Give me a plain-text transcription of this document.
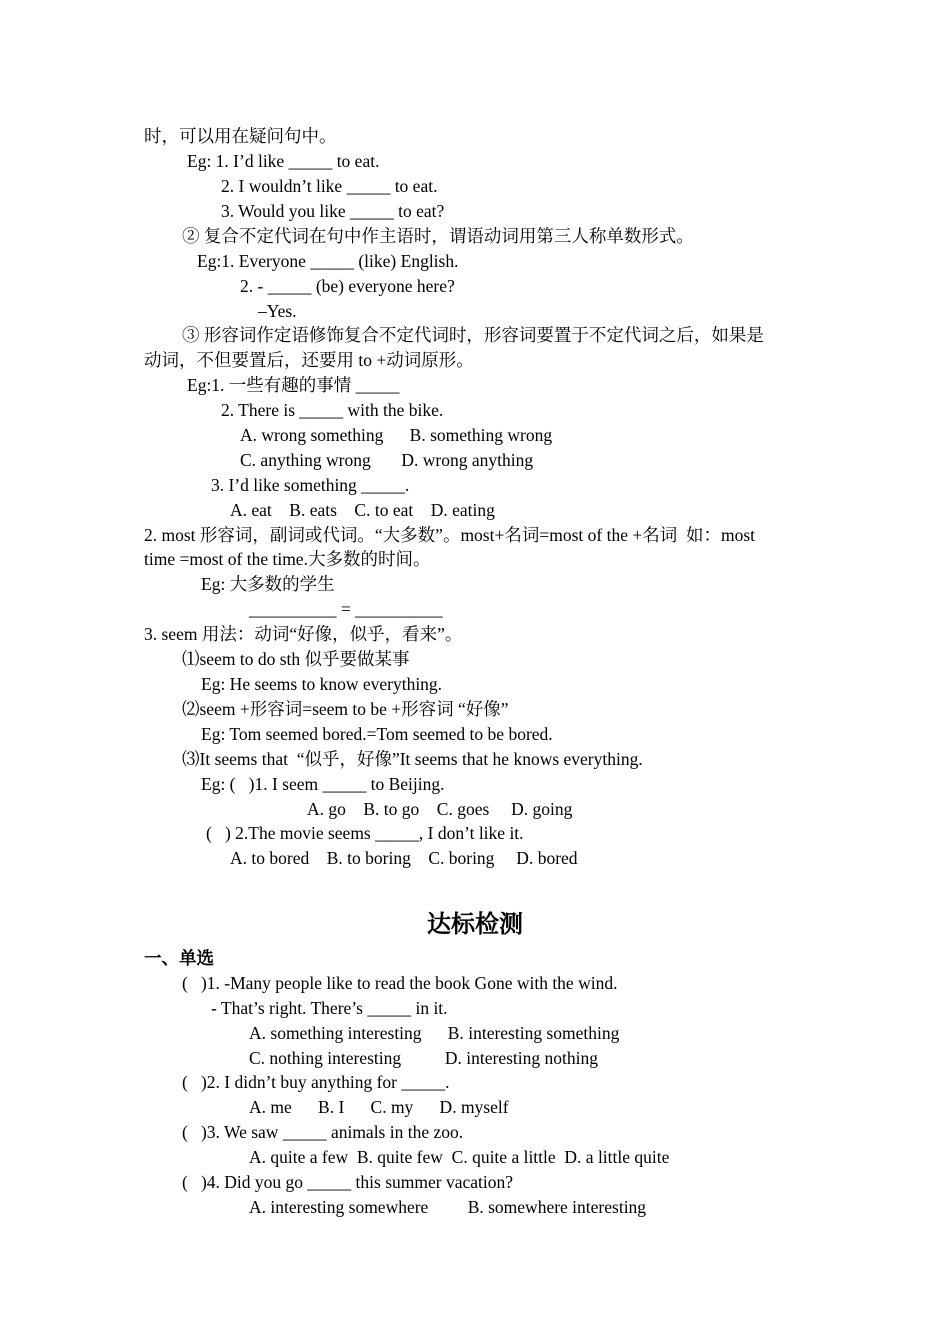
时，可以用在疑问句中。
Eg: 1. I’d like _____ to eat.
2. I wouldn’t like _____ to eat.
3. Would you like _____ to eat?
② 复合不定代词在句中作主语时，谓语动词用第三人称单数形式。
Eg:1. Everyone _____ (like) English.
2. - _____ (be) everyone here?
–Yes.
③ 形容词作定语修饰复合不定代词时，形容词要置于不定代词之后，如果是
动词，不但要置后，还要用 to +动词原形。
Eg:1. 一些有趣的事情 _____
2. There is _____ with the bike.
A. wrong something      B. something wrong
C. anything wrong       D. wrong anything
3. I’d like something _____.
A. eat    B. eats    C. to eat    D. eating
2. most 形容词，副词或代词。“大多数”。most+名词=most of the +名词  如：most
time =most of the time.大多数的时间。
Eg: 大多数的学生
__________ = __________
3. seem 用法：动词“好像，似乎，看来”。
⑴seem to do sth 似乎要做某事
Eg: He seems to know everything.
⑵seem +形容词=seem to be +形容词 “好像”
Eg: Tom seemed bored.=Tom seemed to be bored.
⑶It seems that  “似乎，好像”It seems that he knows everything.
Eg: (   )1. I seem _____ to Beijing.
A. go    B. to go    C. goes     D. going
(   ) 2.The movie seems _____, I don’t like it.
A. to bored    B. to boring    C. boring     D. bored
达标检测
一、单选
(   )1. -Many people like to read the book Gone with the wind.
- That’s right. There’s _____ in it.
A. something interesting      B. interesting something
C. nothing interesting          D. interesting nothing
(   )2. I didn’t buy anything for _____.
A. me      B. I      C. my      D. myself
(   )3. We saw _____ animals in the zoo.
A. quite a few  B. quite few  C. quite a little  D. a little quite
(   )4. Did you go _____ this summer vacation?
A. interesting somewhere         B. somewhere interesting
